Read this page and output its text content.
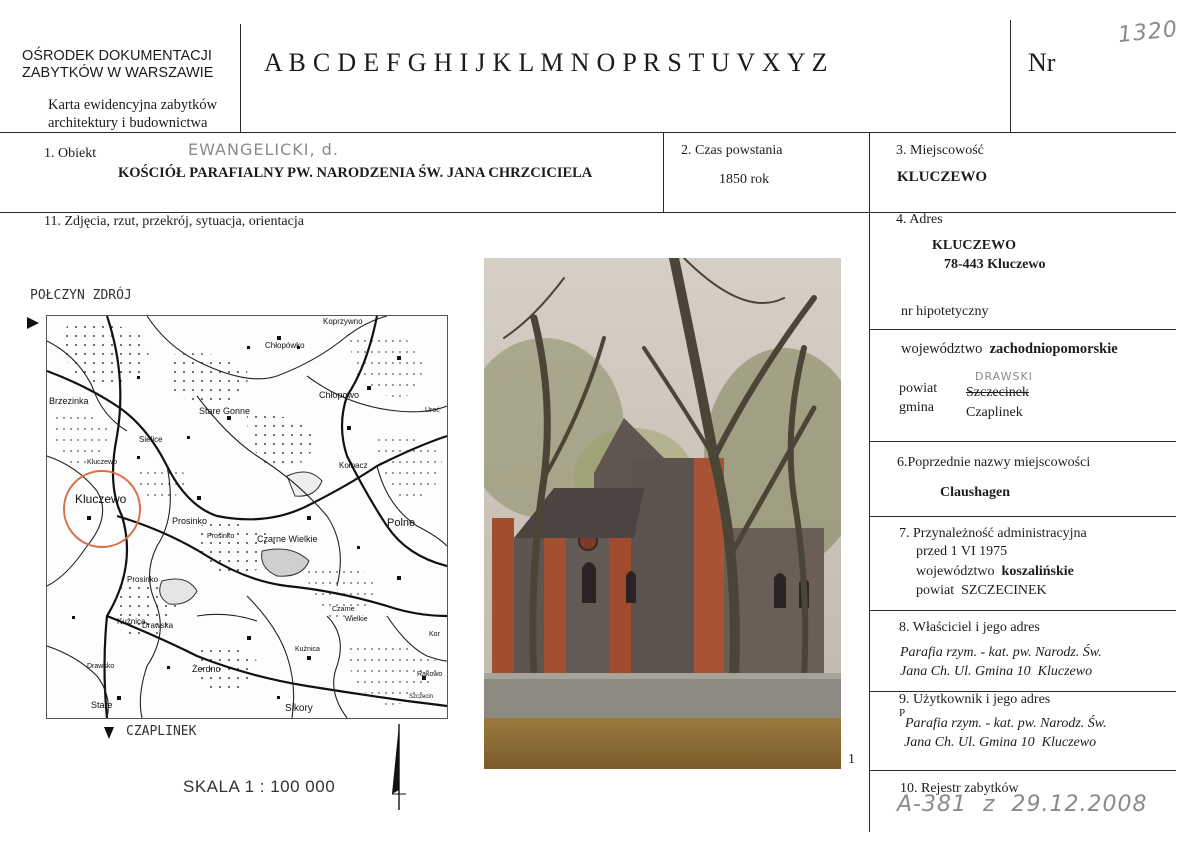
OŚRODEK DOKUMENTACJI
ZABYTKÓW W WARSZAWIE
Karta ewidencyjna zabytków
architektury i budownictwa
A B C D E F G H I J K L M N O P R S T U V X Y Z	Nr
1320
1. Obiekt	EWANGELICKI, d.
KOŚCIÓŁ PARAFIALNY PW. NARODZENIA ŚW. JANA CHRZCICIELA
2. Czas powstania
1850 rok
3. Miejscowość
KLUCZEWO
11. Zdjęcia, rzut, przekrój, sytuacja, orientacja
POŁCZYN ZDRÓJ
Koprzywno
Chłopówko
Brzezinka
Stare Gonne
Chłopowo
Uroć
Sielice
Kluczewo
Kluczewo
Kołbacz
Polne
Prosinko
Prosinko	Czarne Wielkie
Prosinko
Czarne
Wielkie
Kuźnica
Drawska
Żerdno
Kuźnica
Drawsko
Stare	Sikory
Rakowo
Szczecin
Kor
CZAPLINEK
SKALA 1 : 100 000
1
4. Adres
KLUCZEWO
78-443 Kluczewo
nr hipotetyczny
województwo zachodniopomorskie
powiat
DRAWSKI
Szczecinek
gmina Czaplinek
6.Poprzednie nazwy miejscowości
Claushagen
7. Przynależność administracyjna
przed 1 VI 1975
województwo koszalińskie
powiat  SZCZECINEK
8. Właściciel i jego adres
Parafia rzym. - kat. pw. Narodz. Św.
Jana Ch. Ul. Gmina 10  Kluczewo
9. Użytkownik i jego adres
P
Parafia rzym. - kat. pw. Narodz. Św.
Jana Ch. Ul. Gmina 10  Kluczewo
10. Rejestr zabytków
A-381  z  29.12.2008
